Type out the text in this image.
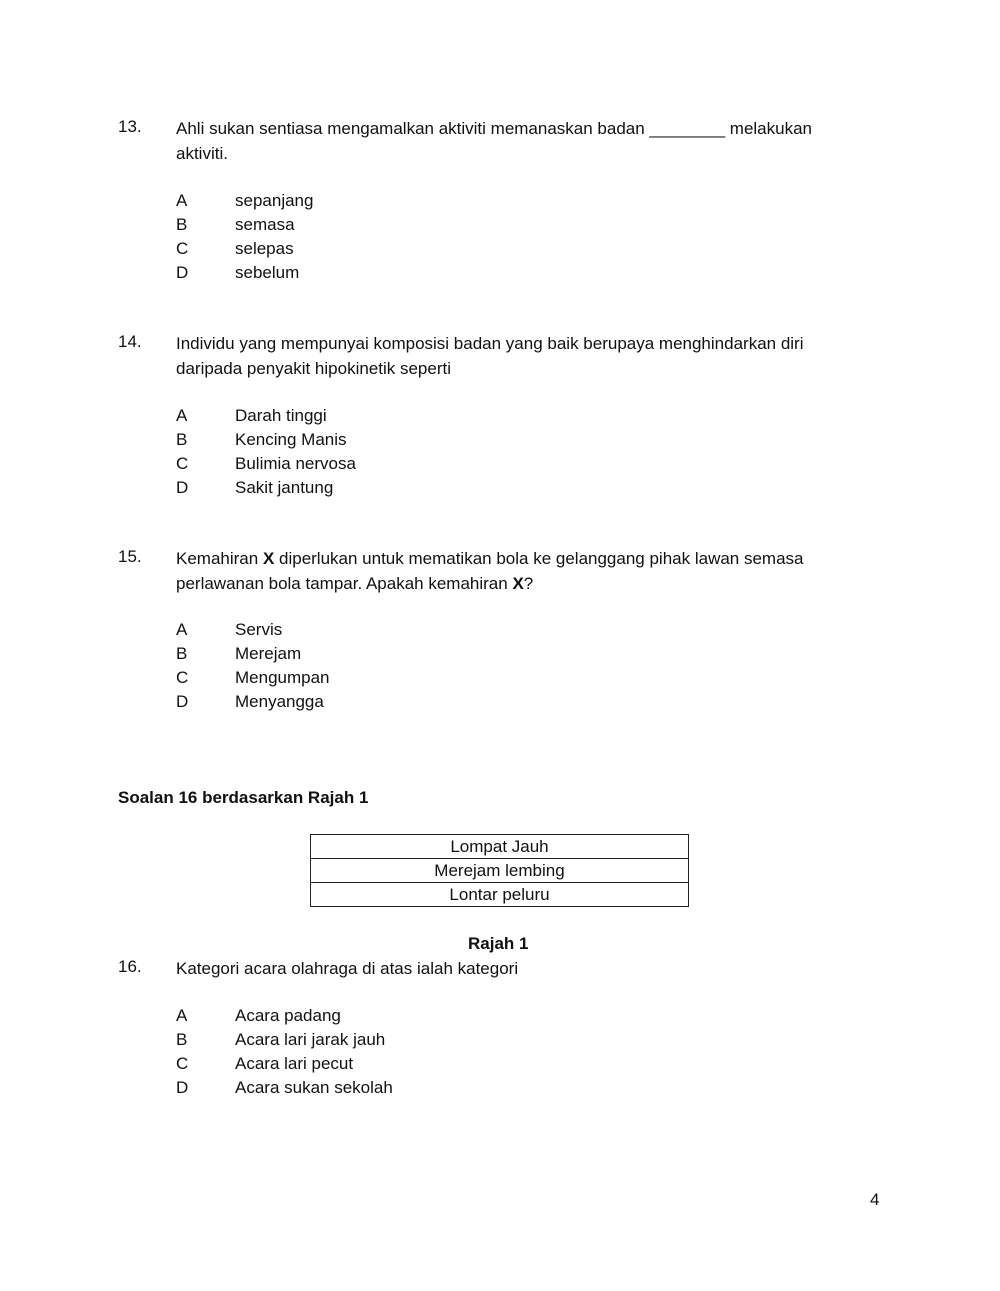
13. Ahli sukan sentiasa mengamalkan aktiviti memanaskan badan ________ melakukan aktiviti.
A	sepanjang
B	semasa
C	selepas
D	sebelum
14. Individu yang mempunyai komposisi badan yang baik berupaya menghindarkan diri daripada penyakit hipokinetik seperti
A	Darah tinggi
B	Kencing Manis
C	Bulimia nervosa
D	Sakit jantung
15. Kemahiran X diperlukan untuk mematikan bola ke gelanggang pihak lawan semasa perlawanan bola tampar. Apakah kemahiran X?
A	Servis
B	Merejam
C	Mengumpan
D	Menyangga
Soalan 16 berdasarkan Rajah 1
Lompat Jauh
Merejam lembing
Lontar peluru
Rajah 1
16. Kategori acara olahraga di atas ialah kategori
A	Acara padang
B	Acara lari jarak jauh
C	Acara lari pecut
D	Acara sukan sekolah
4
